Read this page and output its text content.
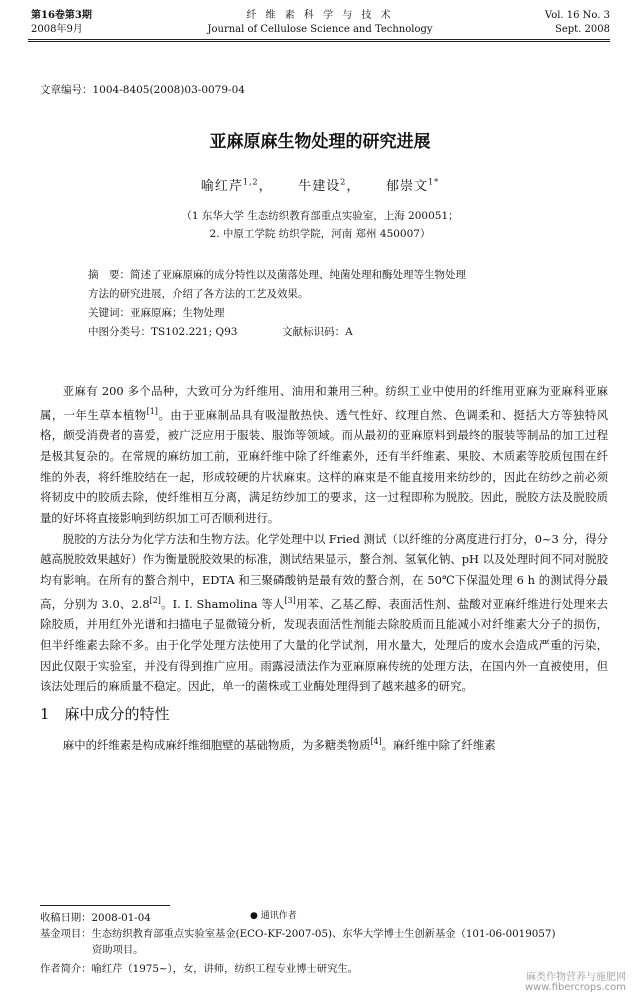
第16卷第3期
2008年9月
纤 维 素 科 学 与 技 术
Journal of Cellulose Science and Technology
Vol. 16 No. 3
Sept. 2008
文章编号：1004-8405(2008)03-0079-04
亚麻原麻生物处理的研究进展
喻红芹$^{1,2}$，     牛建设$^2$，     郁崇文$^{1*}$
（1 东华大学 生态纺织教育部重点实验室，上海 200051；
2. 中原工学院 纺织学院，河南 郑州 450007）
摘　要：简述了亚麻原麻的成分特性以及菌落处理、纯菌处理和酶处理等生物处理
方法的研究进展，介绍了各方法的工艺及效果。
关键词：亚麻原麻；生物处理
中图分类号：TS102.221; Q93	文献标识码：A

亚麻有 200 多个品种，大致可分为纤维用、油用和兼用三种。纺织工业中使用的纤维用亚麻为亚麻科亚麻属，一年生草本植物[1]。由于亚麻制品具有吸湿散热快、透气性好、纹理自然、色调柔和、挺括大方等独特风格，颇受消费者的喜爱，被广泛应用于服装、服饰等领域。而从最初的亚麻原料到最终的服装等制品的加工过程是极其复杂的。在常规的麻纺加工前，亚麻纤维中除了纤维素外，还有半纤维素、果胶、木质素等胶质包围在纤维的外表，将纤维胶结在一起，形成较硬的片状麻束。这样的麻束是不能直接用来纺纱的，因此在纺纱之前必须将韧皮中的胶质去除，使纤维相互分离，满足纺纱加工的要求，这一过程即称为脱胶。因此，脱胶方法及脱胶质量的好坏将直接影响到纺织加工可否顺利进行。

脱胶的方法分为化学方法和生物方法。化学处理中以 Fried 测试（以纤维的分离度进行打分，0~3 分，得分越高脱胶效果越好）作为衡量脱胶效果的标准，测试结果显示，螯合剂、氢氧化钠、pH 以及处理时间不同对脱胶均有影响。在所有的螯合剂中，EDTA 和三聚磷酸钠是最有效的螯合剂，在 50℃下保温处理 6 h 的测试得分最高，分别为 3.0、2.8[2]。I. I. Shamolina 等人[3]用苯、乙基乙醇、表面活性剂、盐酸对亚麻纤维进行处理来去除胶质，并用红外光谱和扫描电子显微镜分析，发现表面活性剂能去除胶质而且能减小对纤维素大分子的损伤，但半纤维素去除不多。由于化学处理方法使用了大量的化学试剂，用水量大，处理后的废水会造成严重的污染，因此仅限于实验室，并没有得到推广应用。雨露浸渍法作为亚麻原麻传统的处理方法，在国内外一直被使用，但该法处理后的麻质量不稳定。因此，单一的菌株或工业酶处理得到了越来越多的研究。

1　麻中成分的特性

麻中的纤维素是构成麻纤维细胞壁的基础物质，为多糖类物质[4]。麻纤维中除了纤维素

● 通讯作者
收稿日期：2008-01-04
基金项目：生态纺织教育部重点实验室基金(ECO-KF-2007-05)、东华大学博士生创新基金（101-06-0019057)
资助项目。
作者简介：喻红芹（1975~），女，讲师，纺织工程专业博士研究生。
麻类作物营养与施肥网
www.fibercrops.com
